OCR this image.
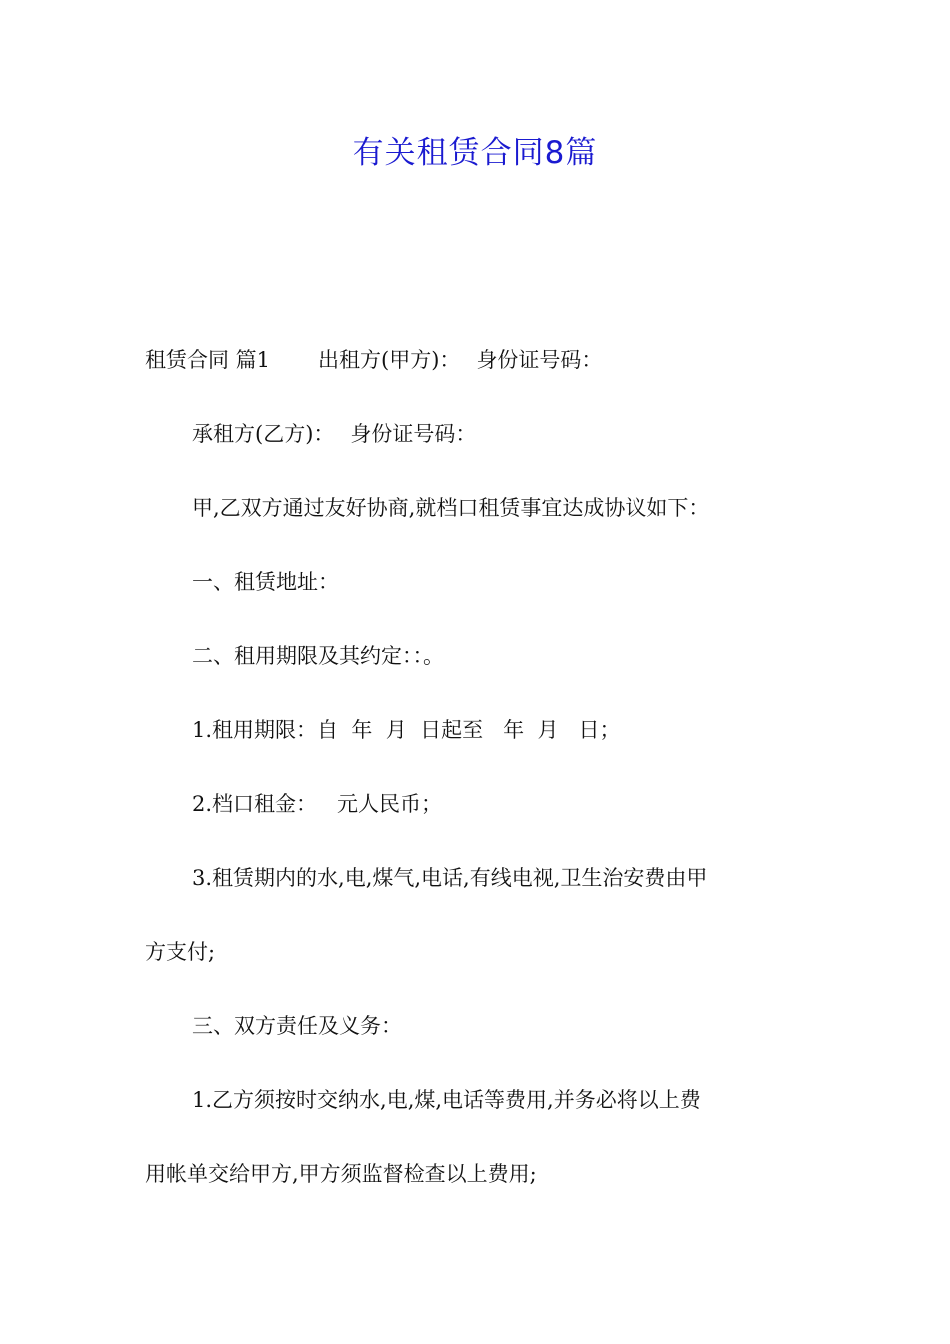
有关租赁合同8篇
租赁合同 篇1 出租方(甲方)： 身份证号码：
承租方(乙方)： 身份证号码：
甲,乙双方通过友好协商,就档口租赁事宜达成协议如下：
一、租赁地址：
二、租用期限及其约定：：。
1.租用期限：自  年  月  日起至   年  月   日；
2.档口租金：   元人民币；
3.租赁期内的水,电,煤气,电话,有线电视,卫生治安费由甲
方支付;
三、双方责任及义务：
1.乙方须按时交纳水,电,煤,电话等费用,并务必将以上费
用帐单交给甲方,甲方须监督检查以上费用;
